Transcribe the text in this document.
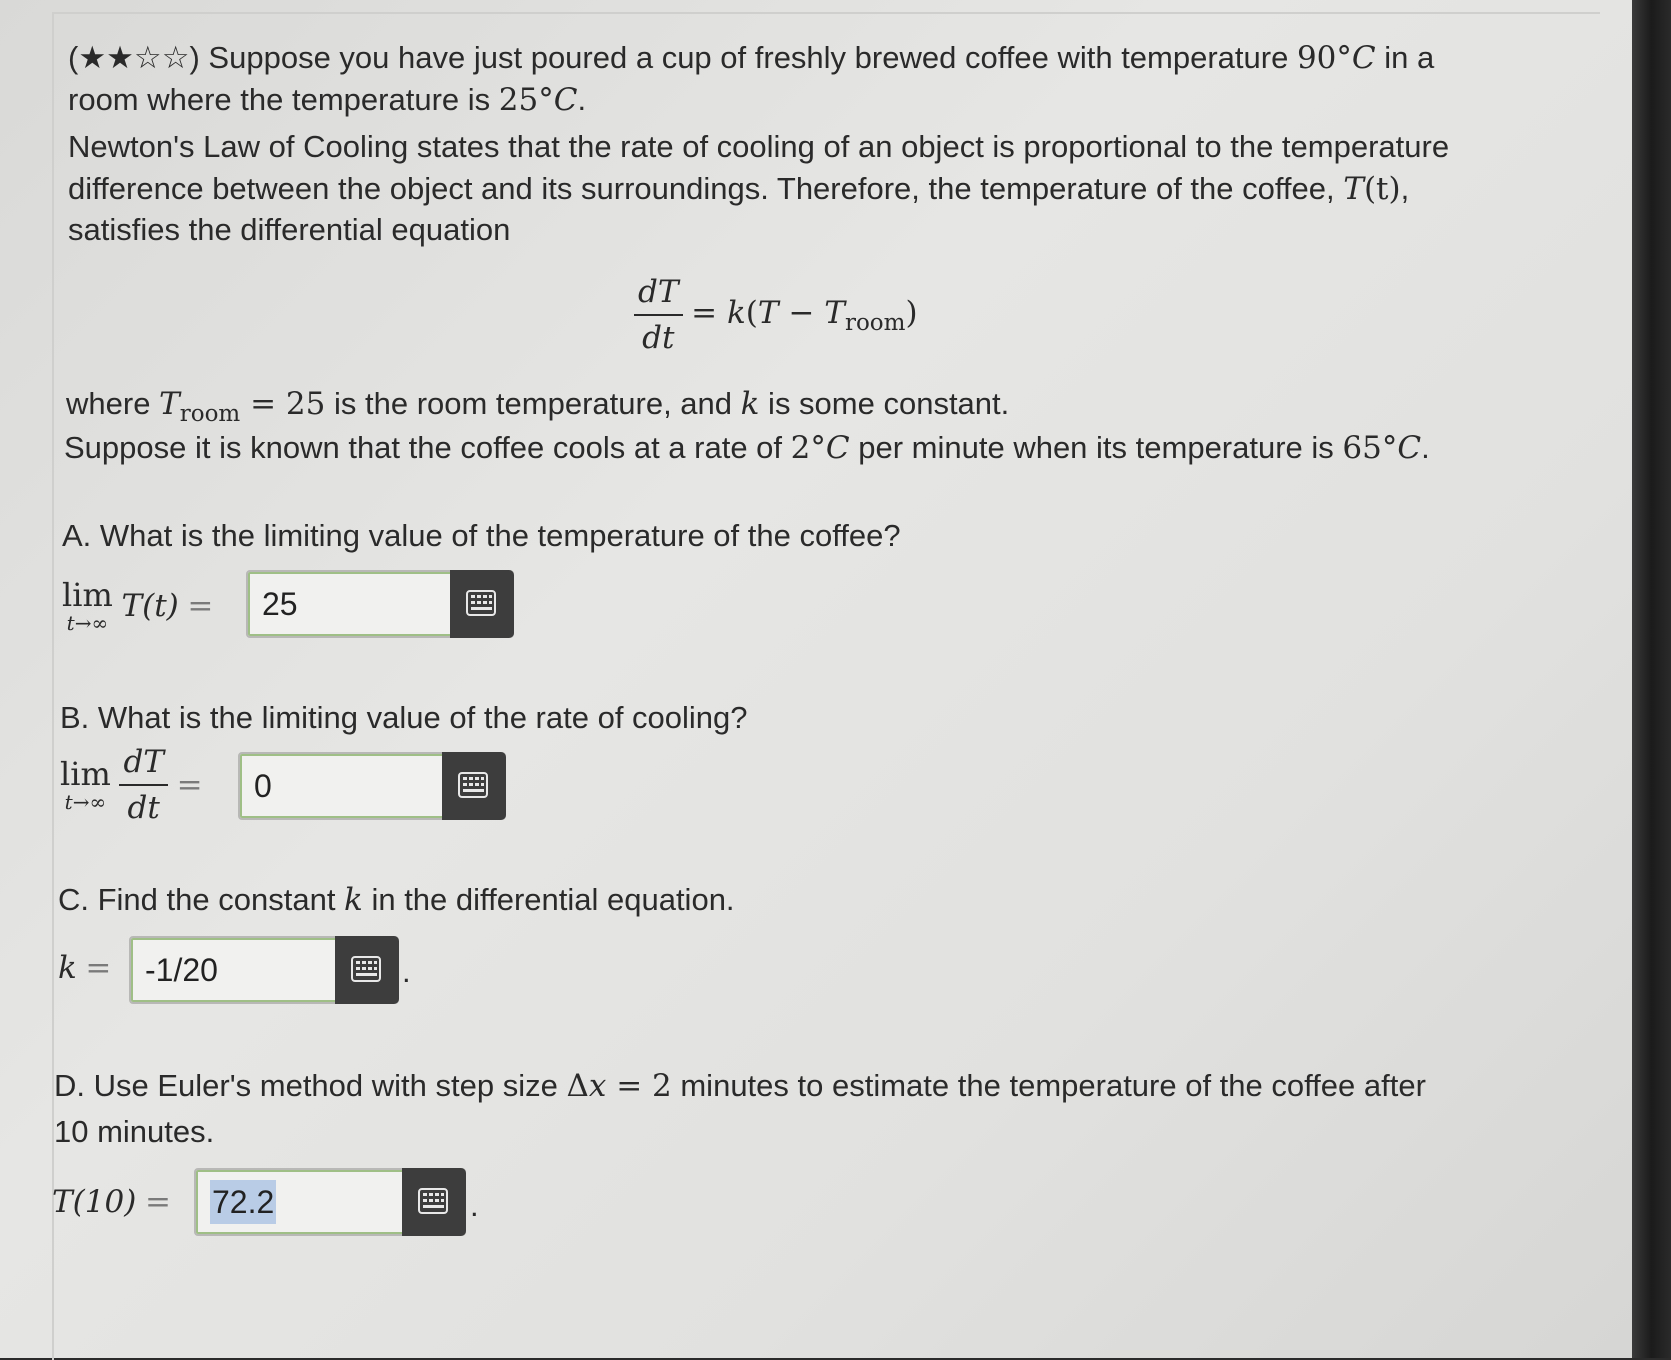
(★★☆☆) Suppose you have just poured a cup of freshly brewed coffee with temperature 90°C in a
room where the temperature is 25°C.
Newton's Law of Cooling states that the rate of cooling of an object is proportional to the temperature
difference between the object and its surroundings. Therefore, the temperature of the coffee, T(t),
satisfies the differential equation
$\frac{dT}{dt} = k(T - T_{room})$
where $T_{room} = 25$ is the room temperature, and k is some constant.
Suppose it is known that the coffee cools at a rate of 2°C per minute when its temperature is 65°C.
A. What is the limiting value of the temperature of the coffee?
lim
t→∞ T(t) = 25
B. What is the limiting value of the rate of cooling?
lim
t→∞
$\frac{dT}{dt} = 0$
C. Find the constant k in the differential equation.
k = -1/20	.
D. Use Euler's method with step size Δx = 2 minutes to estimate the temperature of the coffee after
10 minutes.
T(10) = 72.2	.
